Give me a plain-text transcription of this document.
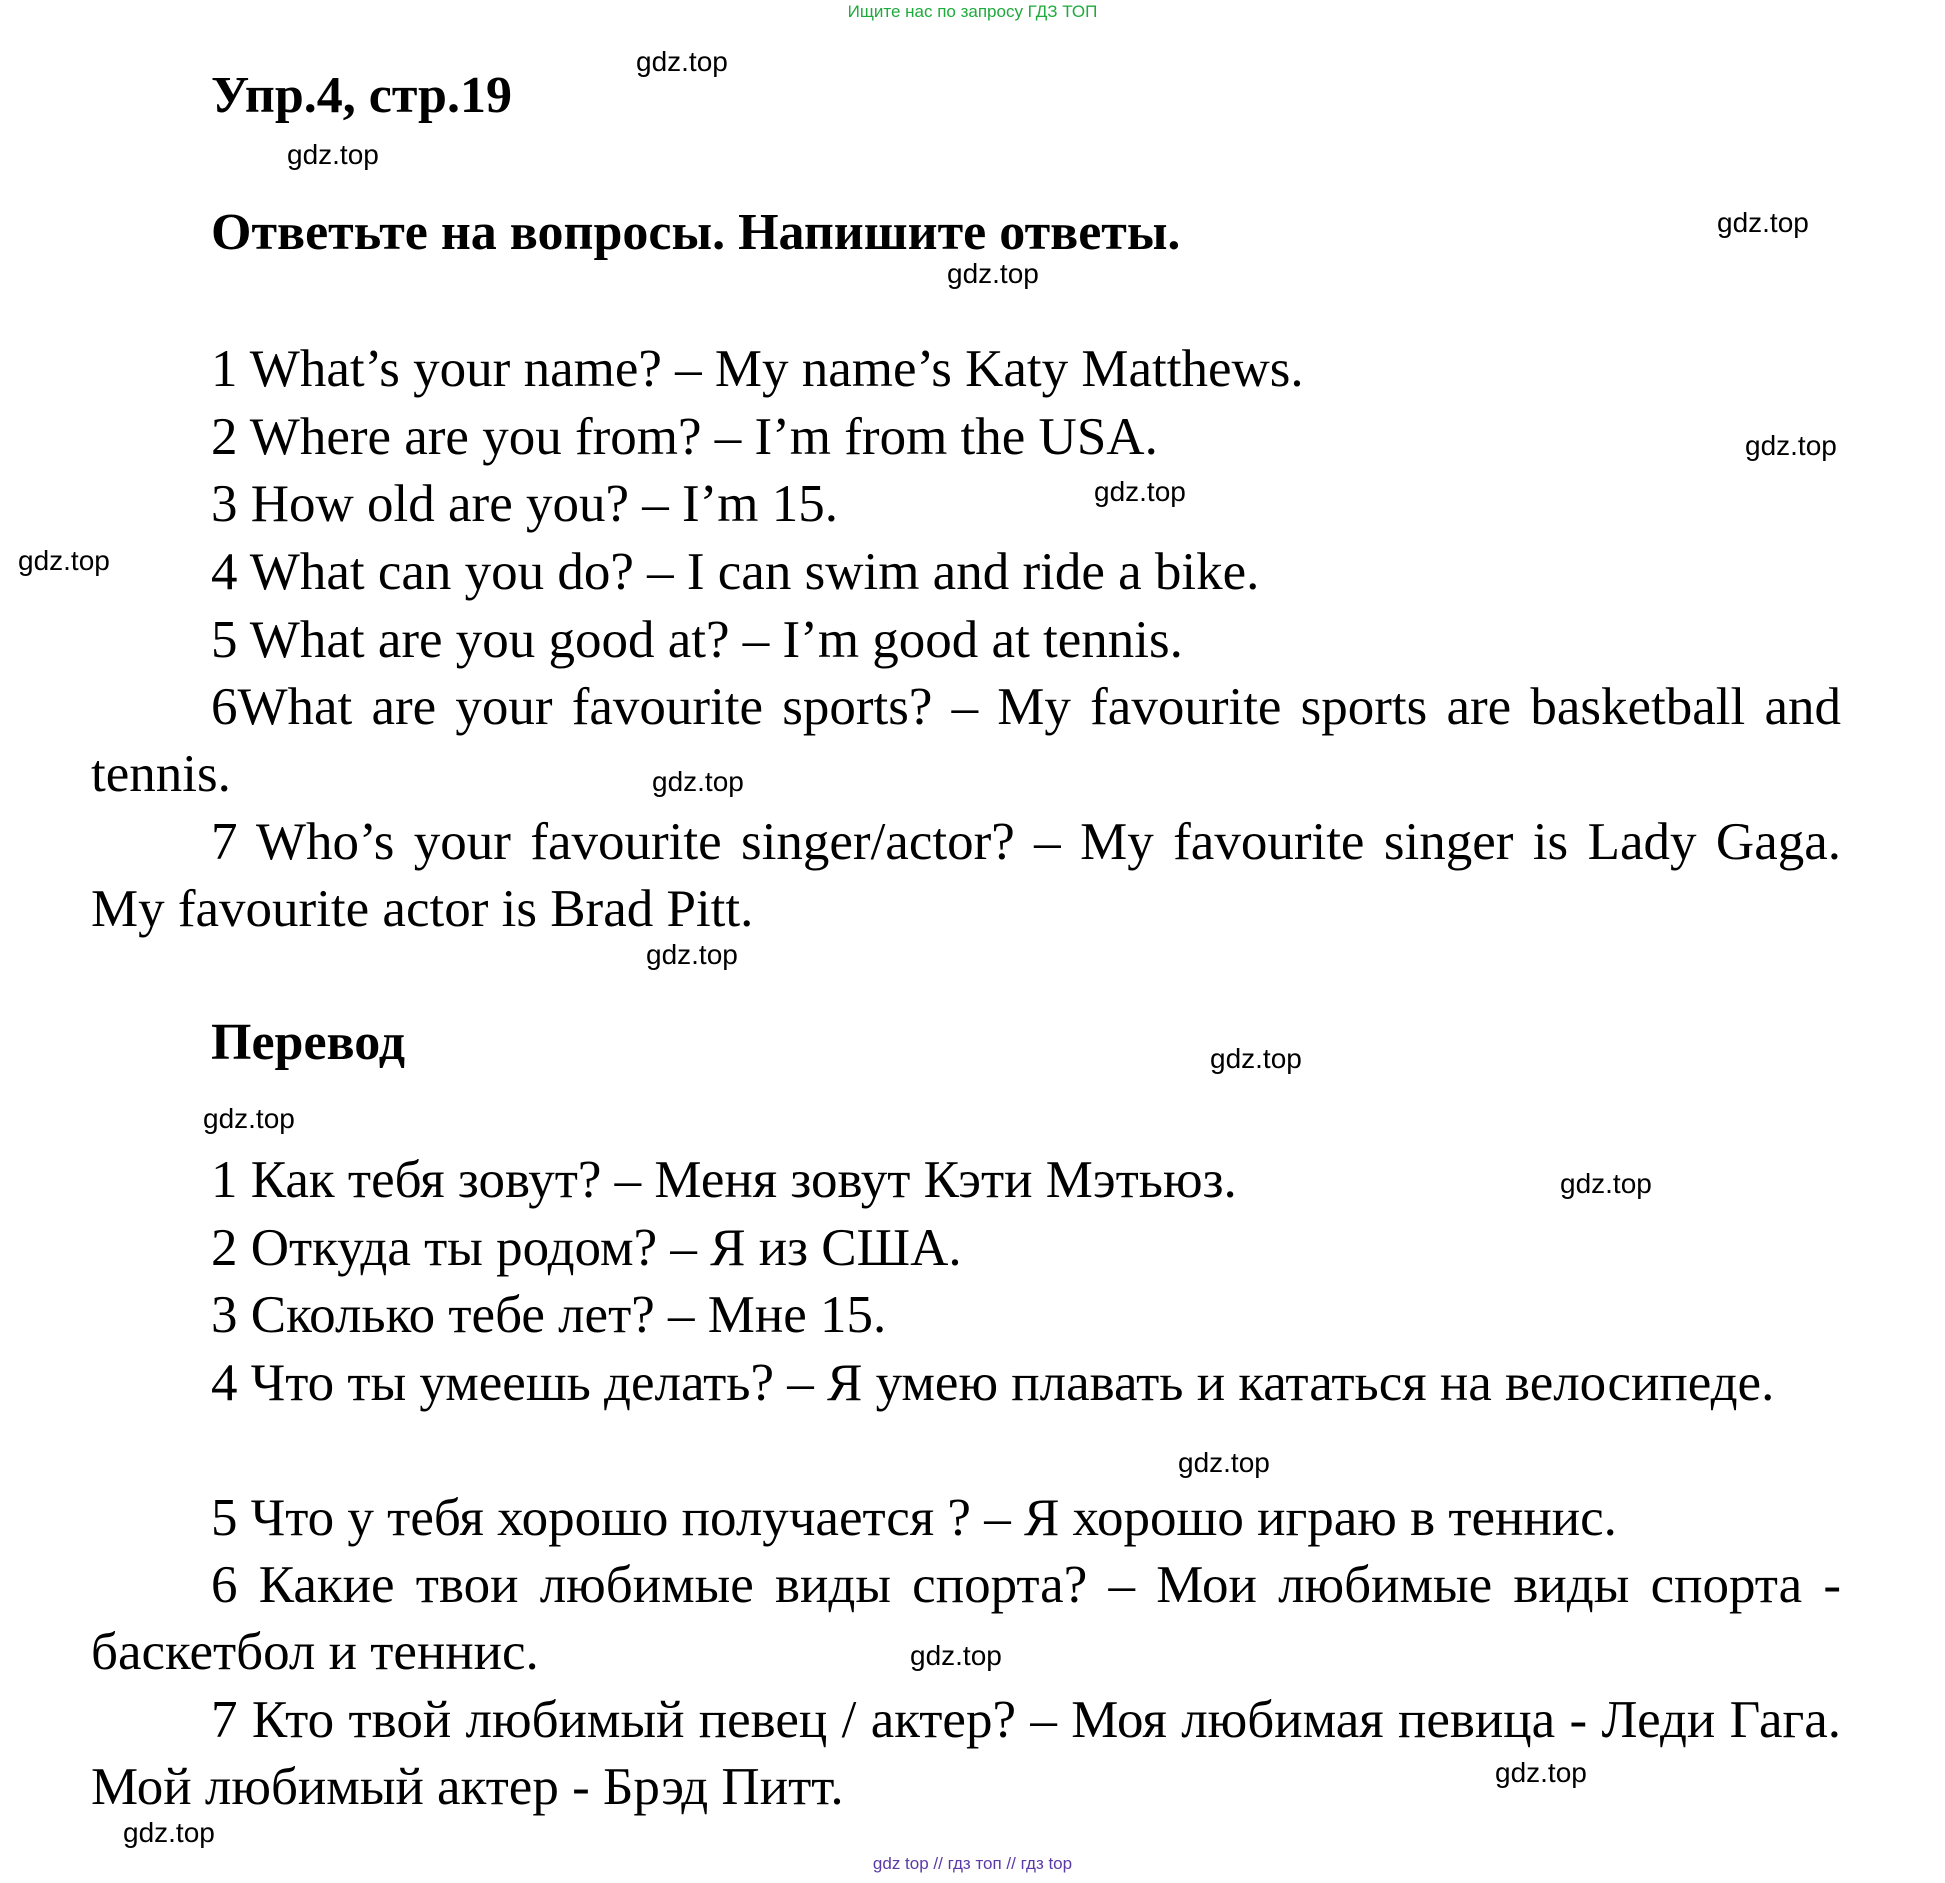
Ищите нас по запросу ГДЗ ТОП
Упр.4, стр.19
Ответьте на вопросы. Напишите ответы.
1 What’s your name? – My name’s Katy Matthews.
2 Where are you from? – I’m from the USA.
3 How old are you? – I’m 15.
4 What can you do? – I can swim and ride a bike.
5 What are you good at? – I’m good at tennis.
6What are your favourite sports? – My favourite sports are basketball and tennis.
7 Who’s your favourite singer/actor? – My favourite singer is Lady Gaga. My favourite actor is Brad Pitt.
Перевод
1 Как тебя зовут? – Меня зовут Кэти Мэтьюз.
2 Откуда ты родом? – Я из США.
3 Сколько тебе лет? – Мне 15.
4 Что ты умеешь делать? – Я умею плавать и кататься на велосипеде.
5 Что у тебя хорошо получается ? – Я хорошо играю в теннис.
6 Какие твои любимые виды спорта? – Мои любимые виды спорта - баскетбол и теннис.
7 Кто твой любимый певец / актер? – Моя любимая певица - Леди Гага. Мой любимый актер - Брэд Питт.
gdz.top
gdz.top
gdz.top
gdz.top
gdz.top
gdz.top
gdz.top
gdz.top
gdz.top
gdz.top
gdz.top
gdz.top
gdz.top
gdz.top
gdz.top
gdz.top
gdz top // гдз топ // гдз top
